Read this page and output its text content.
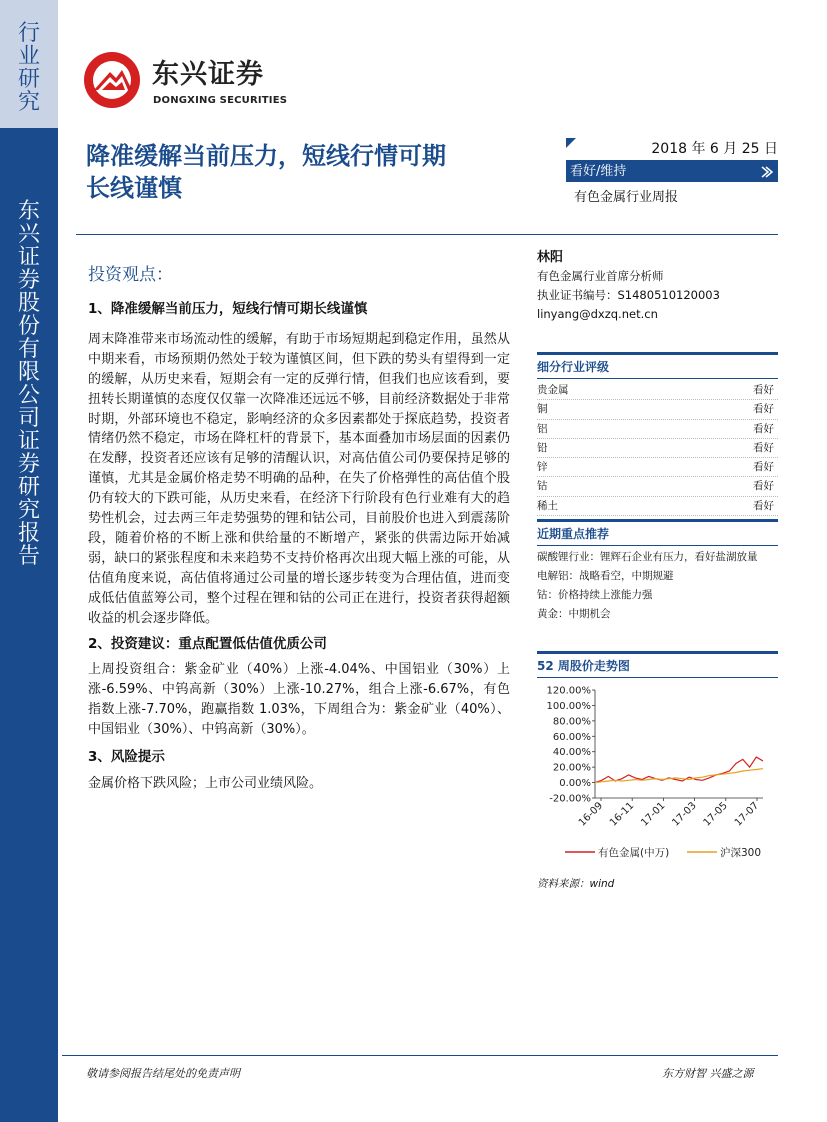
行
业
研
究
东
兴
证
券
股
份
有
限
公
司
证
券
研
究
报
告
东兴证券
DONGXING SECURITIES
降准缓解当前压力，短线行情可期
长线谨慎
2018 年 6 月 25 日
看好/维持
有色金属行业周报
投资观点：

1、降准缓解当前压力，短线行情可期长线谨慎

周末降准带来市场流动性的缓解，有助于市场短期起到稳定作用，虽然从中期来看，市场预期仍然处于较为谨慎区间，但下跌的势头有望得到一定的缓解，从历史来看，短期会有一定的反弹行情，但我们也应该看到，要扭转长期谨慎的态度仅仅靠一次降准还远远不够，目前经济数据处于非常时期，外部环境也不稳定，影响经济的众多因素都处于探底趋势，投资者情绪仍然不稳定，市场在降杠杆的背景下，基本面叠加市场层面的因素仍在发酵，投资者还应该有足够的清醒认识，对高估值公司仍要保持足够的谨慎，尤其是金属价格走势不明确的品种，在失了价格弹性的高估值个股仍有较大的下跌可能，从历史来看，在经济下行阶段有色行业难有大的趋势性机会，过去两三年走势强势的锂和钴公司，目前股价也进入到震荡阶段，随着价格的不断上涨和供给量的不断增产，紧张的供需边际开始减弱，缺口的紧张程度和未来趋势不支持价格再次出现大幅上涨的可能，从估值角度来说，高估值将通过公司量的增长逐步转变为合理估值，进而变成低估值蓝筹公司，整个过程在锂和钴的公司正在进行，投资者获得超额收益的机会逐步降低。

2、投资建议：重点配置低估值优质公司

上周投资组合：紫金矿业（40%）上涨-4.04%、中国铝业（30%）上涨-6.59%、中钨高新（30%）上涨-10.27%，组合上涨-6.67%，有色指数上涨-7.70%，跑赢指数 1.03%，下周组合为：紫金矿业（40%）、中国铝业（30%）、中钨高新（30%）。

3、风险提示

金属价格下跌风险；上市公司业绩风险。

林阳
有色金属行业首席分析师
执业证书编号：S1480510120003
linyang@dxzq.net.cn
细分行业评级
贵金属	看好
铜	看好
铝	看好
铅	看好
锌	看好
钴	看好
稀土	看好
近期重点推荐
碳酸锂行业：锂辉石企业有压力，看好盐湖放量
电解铝：战略看空，中期规避
钴：价格持续上涨能力强
黄金：中期机会
52 周股价走势图
-20.00%
0.00%
20.00%
40.00%
60.00%
80.00%
100.00%
120.00%
16-09 16-11 17-01 17-03 17-05 17-07
有色金属(中万)	沪深300
资料来源：wind
敬请参阅报告结尾处的免责声明	东方财智 兴盛之源
